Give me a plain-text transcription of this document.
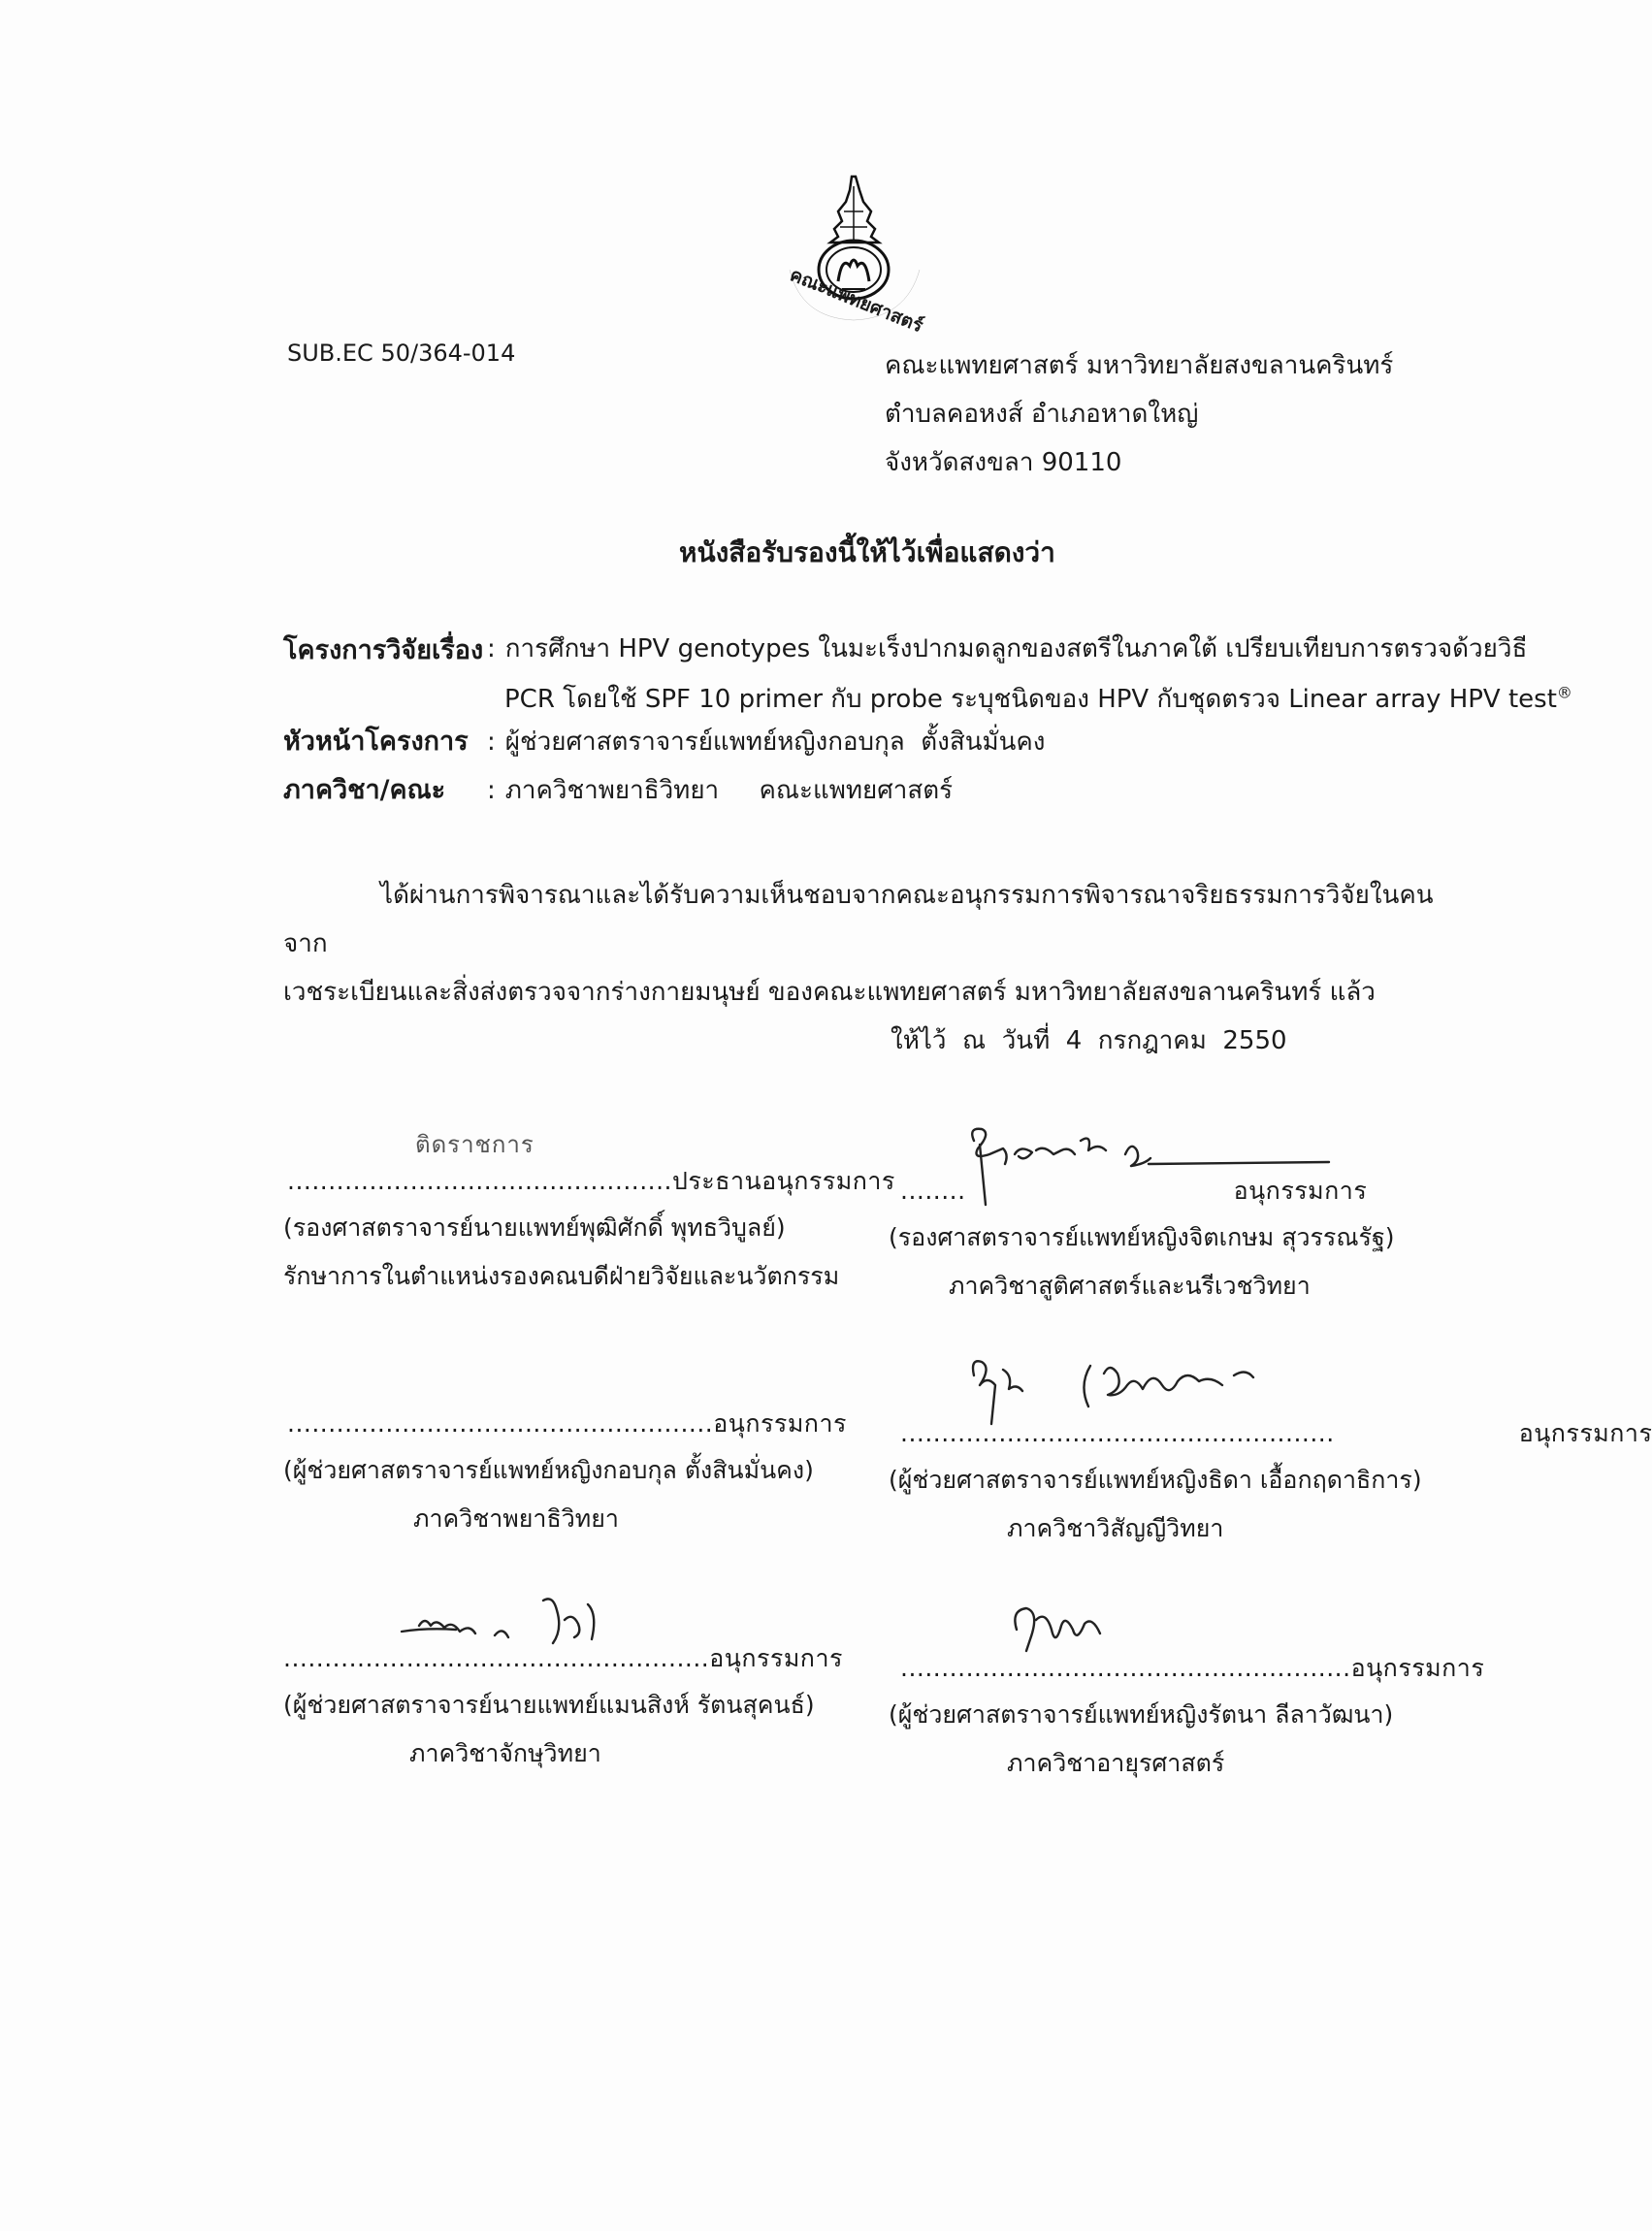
คณะแพทยศาสตร์
SUB.EC 50/364-014	คณะแพทยศาสตร์ มหาวิทยาลัยสงขลานครินทร์
ตำบลคอหงส์ อำเภอหาดใหญ่
จังหวัดสงขลา 90110
หนังสือรับรองนี้ให้ไว้เพื่อแสดงว่า
โครงการวิจัยเรื่อง : การศึกษา HPV genotypes ในมะเร็งปากมดลูกของสตรีในภาคใต้ เปรียบเทียบการตรวจด้วยวิธี
PCR โดยใช้ SPF 10 primer กับ probe ระบุชนิดของ HPV กับชุดตรวจ Linear array HPV test®
หัวหน้าโครงการ : ผู้ช่วยศาสตราจารย์แพทย์หญิงกอบกุล  ตั้งสินมั่นคง
ภาควิชา/คณะ : ภาควิชาพยาธิวิทยา     คณะแพทยศาสตร์
ได้ผ่านการพิจารณาและได้รับความเห็นชอบจากคณะอนุกรรมการพิจารณาจริยธรรมการวิจัยในคนจาก
เวชระเบียนและสิ่งส่งตรวจจากร่างกายมนุษย์ ของคณะแพทยศาสตร์ มหาวิทยาลัยสงขลานครินทร์ แล้ว
ให้ไว้  ณ  วันที่  4  กรกฎาคม  2550
ติดราชการ
...............................................ประธานอนุกรรมการ
(รองศาสตราจารย์นายแพทย์พุฒิศักดิ์ พุทธวิบูลย์)
รักษาการในตำแหน่งรองคณบดีฝ่ายวิจัยและนวัตกรรม
........	อนุกรรมการ
(รองศาสตราจารย์แพทย์หญิงจิตเกษม สุวรรณรัฐ)
ภาควิชาสูติศาสตร์และนรีเวชวิทยา
....................................................อนุกรรมการ
(ผู้ช่วยศาสตราจารย์แพทย์หญิงกอบกุล ตั้งสินมั่นคง)
ภาควิชาพยาธิวิทยา
.....................................................	อนุกรรมการ
(ผู้ช่วยศาสตราจารย์แพทย์หญิงธิดา เอื้อกฤดาธิการ)
ภาควิชาวิสัญญีวิทยา
....................................................อนุกรรมการ
(ผู้ช่วยศาสตราจารย์นายแพทย์แมนสิงห์ รัตนสุคนธ์)
ภาควิชาจักษุวิทยา
.......................................................อนุกรรมการ
(ผู้ช่วยศาสตราจารย์แพทย์หญิงรัตนา ลีลาวัฒนา)
ภาควิชาอายุรศาสตร์
